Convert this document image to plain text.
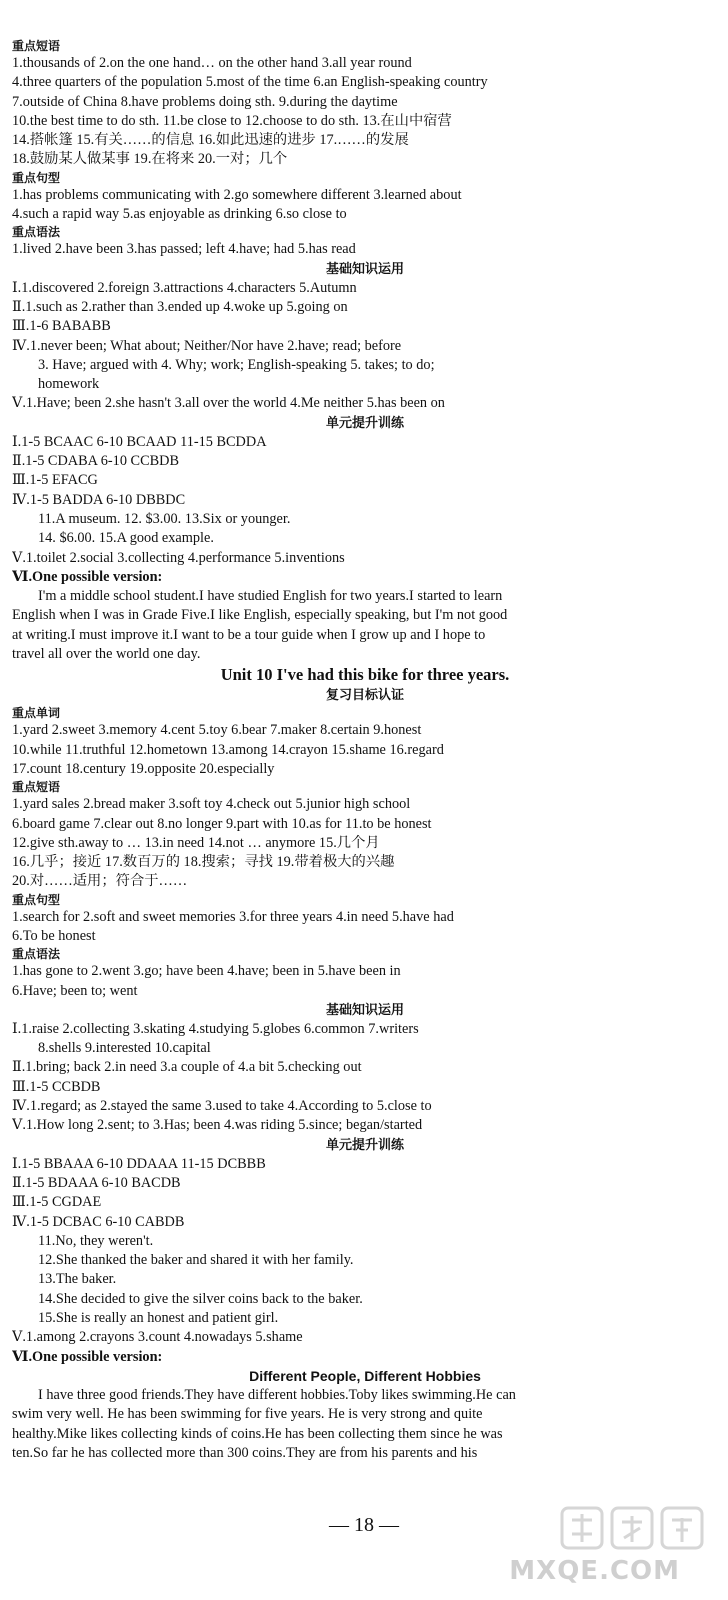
重点短语
1.thousands of 2.on the one hand… on the other hand 3.all year round
4.three quarters of the population 5.most of the time 6.an English-speaking country
7.outside of China 8.have problems doing sth. 9.during the daytime
10.the best time to do sth. 11.be close to 12.choose to do sth. 13.在山中宿营
14.搭帐篷 15.有关……的信息 16.如此迅速的进步 17.……的发展
18.鼓励某人做某事 19.在将来 20.一对；几个
重点句型
1.has problems communicating with 2.go somewhere different 3.learned about
4.such a rapid way 5.as enjoyable as drinking 6.so close to
重点语法
1.lived 2.have been 3.has passed; left 4.have; had 5.has read
基础知识运用
Ⅰ.1.discovered 2.foreign 3.attractions 4.characters 5.Autumn
Ⅱ.1.such as 2.rather than 3.ended up 4.woke up 5.going on
Ⅲ.1-6 BABABB
Ⅳ.1.never been; What about; Neither/Nor have 2.have; read; before
3. Have; argued with 4. Why; work; English-speaking 5. takes; to do;
homework
Ⅴ.1.Have; been 2.she hasn't 3.all over the world 4.Me neither 5.has been on
单元提升训练
Ⅰ.1-5 BCAAC 6-10 BCAAD 11-15 BCDDA
Ⅱ.1-5 CDABA 6-10 CCBDB
Ⅲ.1-5 EFACG
Ⅳ.1-5 BADDA 6-10 DBBDC
11.A museum. 12. $3.00. 13.Six or younger.
14. $6.00. 15.A good example.
Ⅴ.1.toilet 2.social 3.collecting 4.performance 5.inventions
Ⅵ.One possible version:
I'm a middle school student.I have studied English for two years.I started to learn
English when I was in Grade Five.I like English, especially speaking, but I'm not good
at writing.I must improve it.I want to be a tour guide when I grow up and I hope to
travel all over the world one day.
Unit 10 I've had this bike for three years.
复习目标认证
重点单词
1.yard 2.sweet 3.memory 4.cent 5.toy 6.bear 7.maker 8.certain 9.honest
10.while 11.truthful 12.hometown 13.among 14.crayon 15.shame 16.regard
17.count 18.century 19.opposite 20.especially
重点短语
1.yard sales 2.bread maker 3.soft toy 4.check out 5.junior high school
6.board game 7.clear out 8.no longer 9.part with 10.as for 11.to be honest
12.give sth.away to … 13.in need 14.not … anymore 15.几个月
16.几乎；接近 17.数百万的 18.搜索；寻找 19.带着极大的兴趣
20.对……适用；符合于……
重点句型
1.search for 2.soft and sweet memories 3.for three years 4.in need 5.have had
6.To be honest
重点语法
1.has gone to 2.went 3.go; have been 4.have; been in 5.have been in
6.Have; been to; went
基础知识运用
Ⅰ.1.raise 2.collecting 3.skating 4.studying 5.globes 6.common 7.writers
8.shells 9.interested 10.capital
Ⅱ.1.bring; back 2.in need 3.a couple of 4.a bit 5.checking out
Ⅲ.1-5 CCBDB
Ⅳ.1.regard; as 2.stayed the same 3.used to take 4.According to 5.close to
Ⅴ.1.How long 2.sent; to 3.Has; been 4.was riding 5.since; began/started
单元提升训练
Ⅰ.1-5 BBAAA 6-10 DDAAA 11-15 DCBBB
Ⅱ.1-5 BDAAA 6-10 BACDB
Ⅲ.1-5 CGDAE
Ⅳ.1-5 DCBAC 6-10 CABDB
11.No, they weren't.
12.She thanked the baker and shared it with her family.
13.The baker.
14.She decided to give the silver coins back to the baker.
15.She is really an honest and patient girl.
Ⅴ.1.among 2.crayons 3.count 4.nowadays 5.shame
Ⅵ.One possible version:
Different People, Different Hobbies
I have three good friends.They have different hobbies.Toby likes swimming.He can
swim very well. He has been swimming for five years. He is very strong and quite
healthy.Mike likes collecting kinds of coins.He has been collecting them since he was
ten.So far he has collected more than 300 coins.They are from his parents and his
— 18 —
MXQE.COM
